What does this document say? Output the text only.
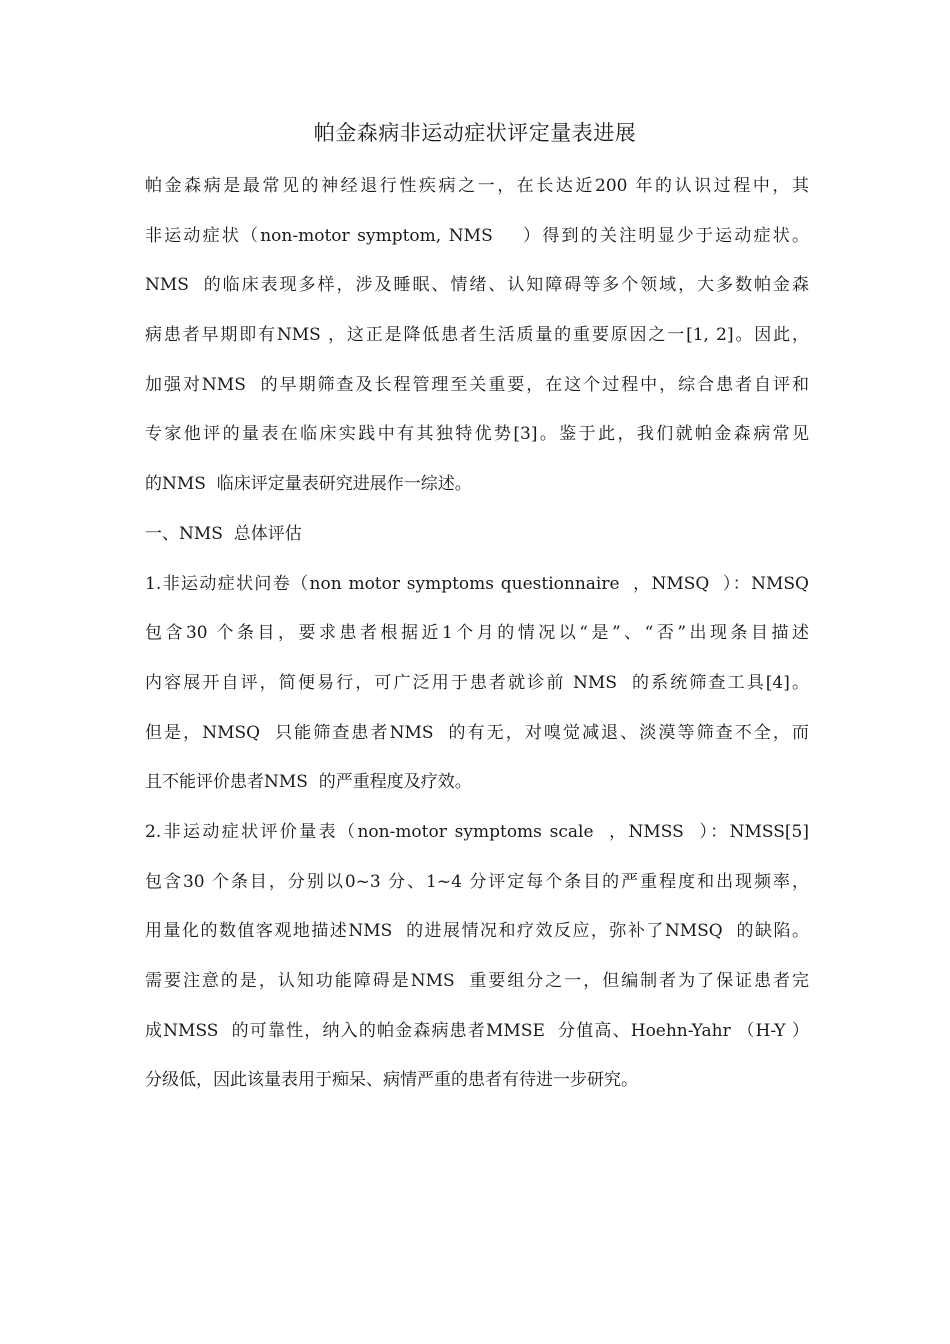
帕金森病非运动症状评定量表进展
帕金森病是最常见的神经退行性疾病之一，在长达近200 年的认识过程中，其
非运动症状（non-motor symptom, NMS    ）得到的关注明显少于运动症状。
NMS  的临床表现多样，涉及睡眠、情绪、认知障碍等多个领域，大多数帕金森
病患者早期即有NMS ，这正是降低患者生活质量的重要原因之一[1, 2]。因此，
加强对NMS  的早期筛查及长程管理至关重要，在这个过程中，综合患者自评和
专家他评的量表在临床实践中有其独特优势[3]。鉴于此，我们就帕金森病常见
的NMS  临床评定量表研究进展作一综述。
一、NMS  总体评估
1.非运动症状问卷（non motor symptoms questionnaire  ，NMSQ  ）：NMSQ
包含30 个条目，要求患者根据近1个月的情况以“是”、“否”出现条目描述
内容展开自评，简便易行，可广泛用于患者就诊前 NMS  的系统筛查工具[4]。
但是，NMSQ  只能筛查患者NMS  的有无，对嗅觉减退、淡漠等筛查不全，而
且不能评价患者NMS  的严重程度及疗效。
2.非运动症状评价量表（non-motor symptoms scale  ，NMSS  ）：NMSS[5]
包含30 个条目，分别以0~3 分、1~4 分评定每个条目的严重程度和出现频率，
用量化的数值客观地描述NMS  的进展情况和疗效反应，弥补了NMSQ  的缺陷。
需要注意的是，认知功能障碍是NMS  重要组分之一，但编制者为了保证患者完
成NMSS  的可靠性，纳入的帕金森病患者MMSE  分值高、Hoehn-Yahr （H-Y ）
分级低，因此该量表用于痴呆、病情严重的患者有待进一步研究。
